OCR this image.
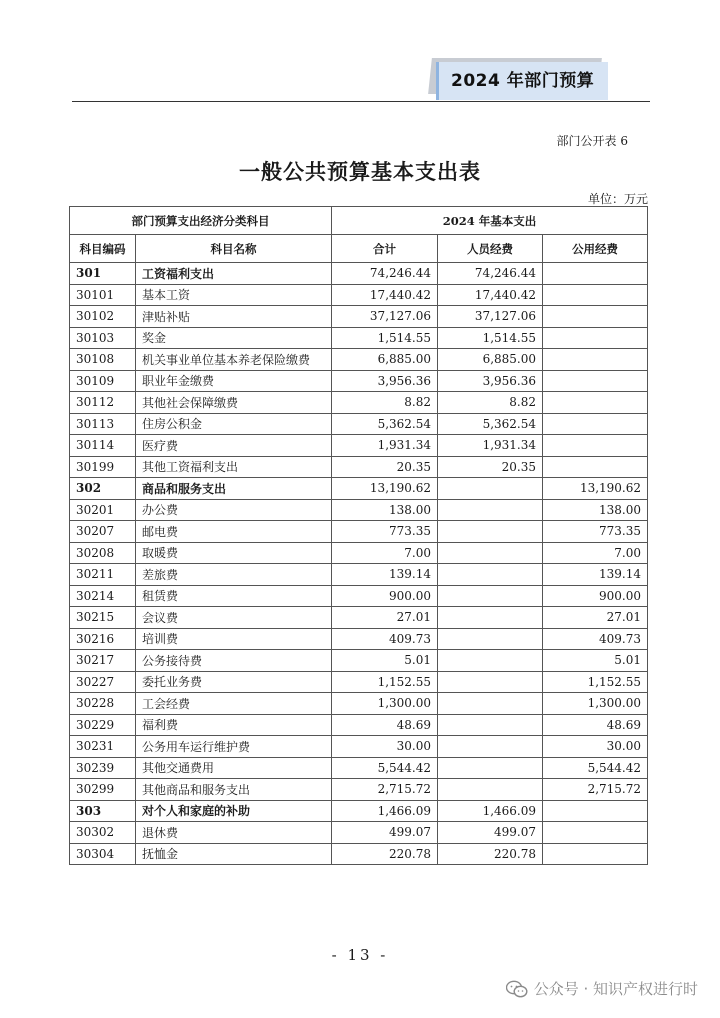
2024 年部门预算
部门公开表 6
一般公共预算基本支出表
单位：万元
部门预算支出经济分类科目		2024 年基本支出		
科目编码	科目名称	合计	人员经费	公用经费
301	工资福利支出	74,246.44	74,246.44	
30101	基本工资	17,440.42	17,440.42	
30102	津贴补贴	37,127.06	37,127.06	
30103	奖金	1,514.55	1,514.55	
30108	机关事业单位基本养老保险缴费	6,885.00	6,885.00	
30109	职业年金缴费	3,956.36	3,956.36	
30112	其他社会保障缴费	8.82	8.82	
30113	住房公积金	5,362.54	5,362.54	
30114	医疗费	1,931.34	1,931.34	
30199	其他工资福利支出	20.35	20.35	
302	商品和服务支出	13,190.62		13,190.62
30201	办公费	138.00		138.00
30207	邮电费	773.35		773.35
30208	取暖费	7.00		7.00
30211	差旅费	139.14		139.14
30214	租赁费	900.00		900.00
30215	会议费	27.01		27.01
30216	培训费	409.73		409.73
30217	公务接待费	5.01		5.01
30227	委托业务费	1,152.55		1,152.55
30228	工会经费	1,300.00		1,300.00
30229	福利费	48.69		48.69
30231	公务用车运行维护费	30.00		30.00
30239	其他交通费用	5,544.42		5,544.42
30299	其他商品和服务支出	2,715.72		2,715.72
303	对个人和家庭的补助	1,466.09	1,466.09	
30302	退休费	499.07	499.07	
30304	抚恤金	220.78	220.78	
- 13 -
公众号 · 知识产权进行时
